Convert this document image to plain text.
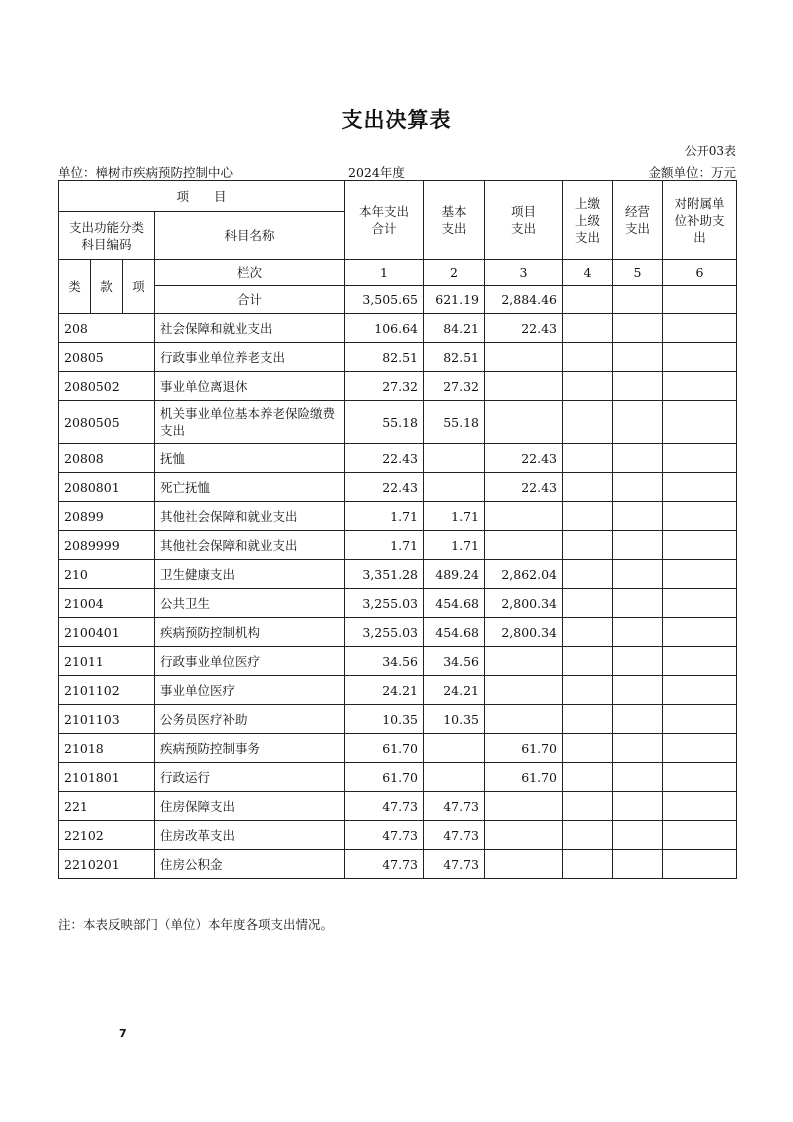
支出决算表
公开03表
单位：樟树市疾病预防控制中心	2024年度	金额单位：万元
项　　目				本年支出合计	基本支出	项目支出	上缴上级支出	经营支出	对附属单位补助支出
支出功能分类科目编码			科目名称						
类	款	项	栏次	1	2	3	4	5	6
			合计	3,505.65	621.19	2,884.46			
208			社会保障和就业支出	106.64	84.21	22.43			
20805			行政事业单位养老支出	82.51	82.51				
2080502			事业单位离退休	27.32	27.32				
2080505			机关事业单位基本养老保险缴费支出	55.18	55.18				
20808			抚恤	22.43		22.43			
2080801			死亡抚恤	22.43		22.43			
20899			其他社会保障和就业支出	1.71	1.71				
2089999			其他社会保障和就业支出	1.71	1.71				
210			卫生健康支出	3,351.28	489.24	2,862.04			
21004			公共卫生	3,255.03	454.68	2,800.34			
2100401			疾病预防控制机构	3,255.03	454.68	2,800.34			
21011			行政事业单位医疗	34.56	34.56				
2101102			事业单位医疗	24.21	24.21				
2101103			公务员医疗补助	10.35	10.35				
21018			疾病预防控制事务	61.70		61.70			
2101801			行政运行	61.70		61.70			
221			住房保障支出	47.73	47.73				
22102			住房改革支出	47.73	47.73				
2210201			住房公积金	47.73	47.73				
注：本表反映部门（单位）本年度各项支出情况。
7
